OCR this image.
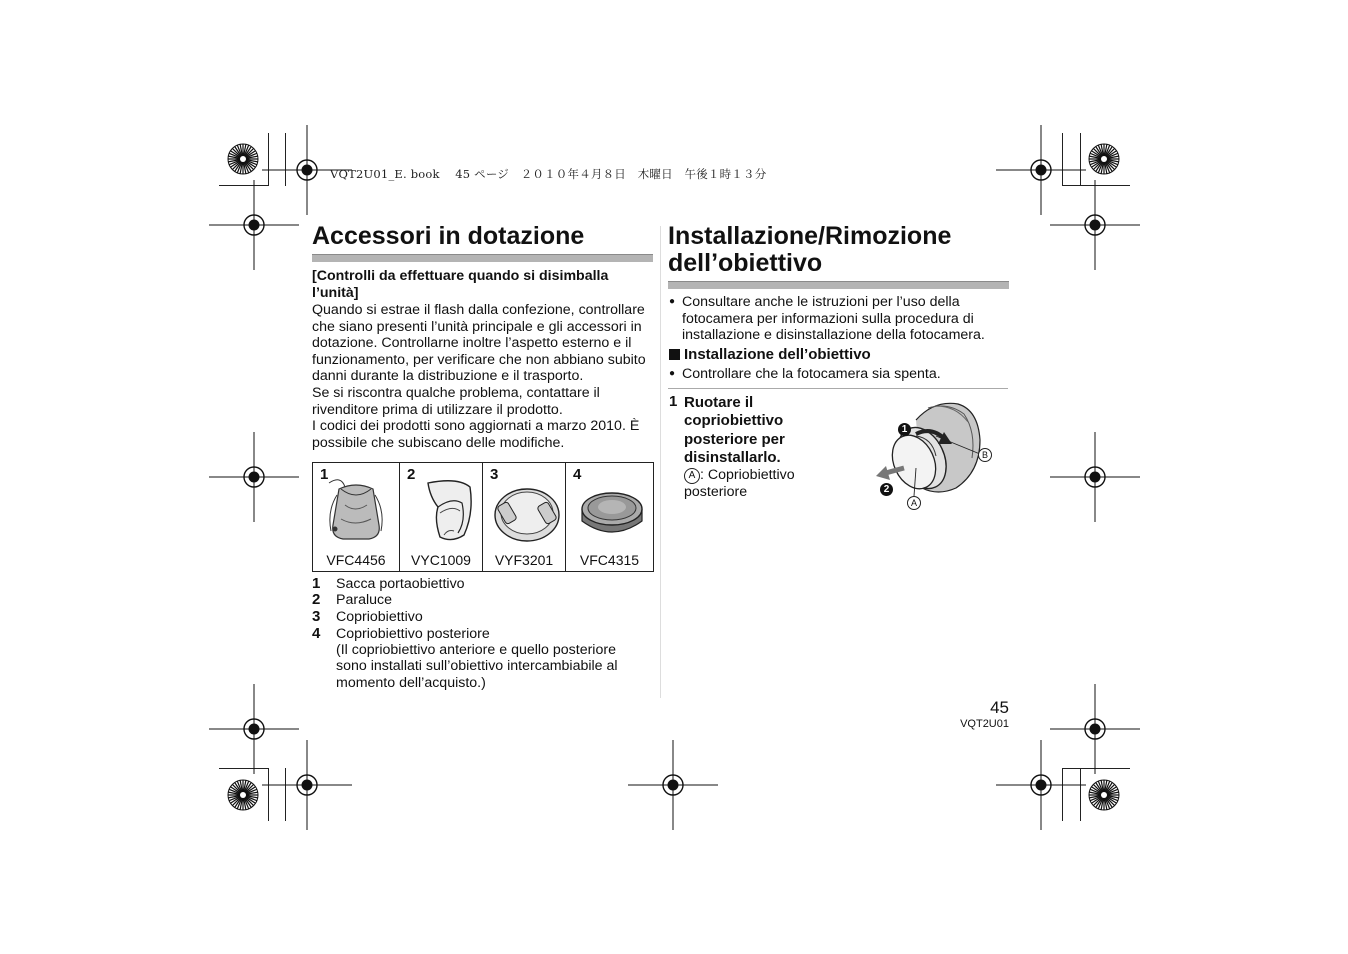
VQT2U01_E. book　 45 ページ　２０１０年４月８日　木曜日　午後１時１３分
Accessori in dotazione
[Controlli da effettuare quando si disimballa
l’unità]
Quando si estrae il flash dalla confezione, controllare
che siano presenti l’unità principale e gli accessori in
dotazione. Controllarne inoltre l’aspetto esterno e il
funzionamento, per verificare che non abbiano subito
danni durante la distribuzione e il trasporto.
Se si riscontra qualche problema, contattare il
rivenditore prima di utilizzare il prodotto.
I codici dei prodotti sono aggiornati a marzo 2010. È
possibile che subiscano delle modifiche.
1
VFC4456
2
VYC1009
3
VYF3201
4
VFC4315
1 Sacca portaobiettivo
2 Paraluce
3 Copriobiettivo
4 Copriobiettivo posteriore
(Il copriobiettivo anteriore e quello posteriore
sono installati sull’obiettivo intercambiabile al
momento dell’acquisto.)
Installazione/Rimozione
dell’obiettivo
● Consultare anche le istruzioni per l’uso della
fotocamera per informazioni sulla procedura di
installazione e disinstallazione della fotocamera.
Installazione dell’obiettivo
● Controllare che la fotocamera sia spenta.
1 Ruotare il
copriobiettivo
posteriore per
disinstallarlo.
A : Copriobiettivo
posteriore
1
2
B
A
45
VQT2U01
